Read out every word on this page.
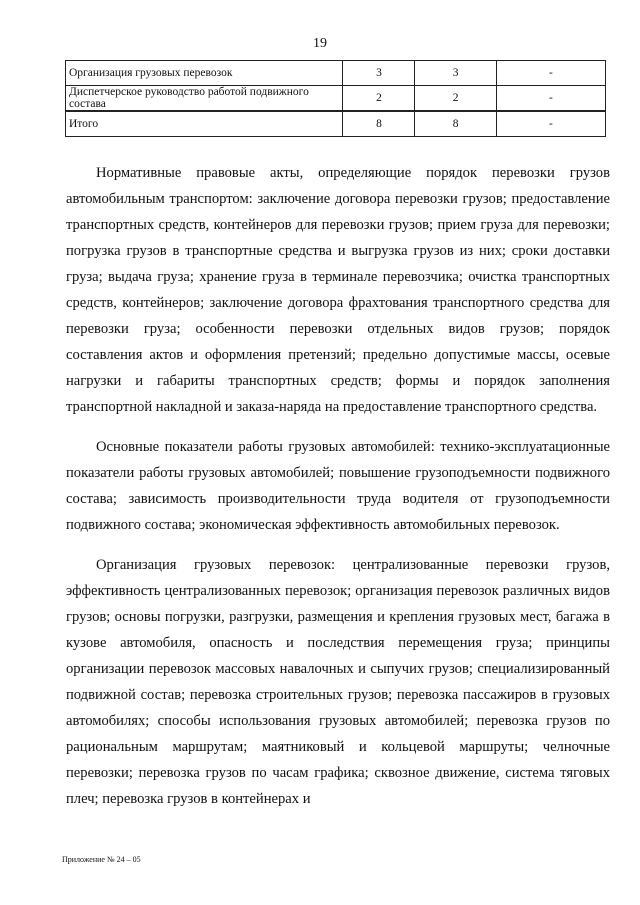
19
Организация грузовых перевозок	3	3	-
Диспетчерское руководство работой подвижного состава	2	2	-
Итого	8	8	-

Нормативные правовые акты, определяющие порядок перевозки грузов автомобильным транспортом: заключение договора перевозки грузов; предоставление транспортных средств, контейнеров для перевозки грузов; прием груза для перевозки; погрузка грузов в транспортные средства и выгрузка грузов из них; сроки доставки груза; выдача груза; хранение груза в терминале перевозчика; очистка транспортных средств, контейнеров; заключение договора фрахтования транспортного средства для перевозки груза; особенности перевозки отдельных видов грузов; порядок составления актов и оформления претензий; предельно допустимые массы, осевые нагрузки и габариты транспортных средств; формы и порядок заполнения транспортной накладной и заказа-наряда на предоставление транспортного средства.

Основные показатели работы грузовых автомобилей: технико-эксплуатационные показатели работы грузовых автомобилей; повышение грузоподъемности подвижного состава; зависимость производительности труда водителя от грузоподъемности подвижного состава; экономическая эффективность автомобильных перевозок.

Организация грузовых перевозок: централизованные перевозки грузов, эффективность централизованных перевозок; организация перевозок различных видов грузов; основы погрузки, разгрузки, размещения и крепления грузовых мест, багажа в кузове автомобиля, опасность и последствия перемещения груза; принципы организации перевозок массовых навалочных и сыпучих грузов; специализированный подвижной состав; перевозка строительных грузов; перевозка пассажиров в грузовых автомобилях; способы использования грузовых автомобилей; перевозка грузов по рациональным маршрутам; маятниковый и кольцевой маршруты; челночные перевозки; перевозка грузов по часам графика; сквозное движение, система тяговых плеч; перевозка грузов в контейнерах и

Приложение № 24 – 05
